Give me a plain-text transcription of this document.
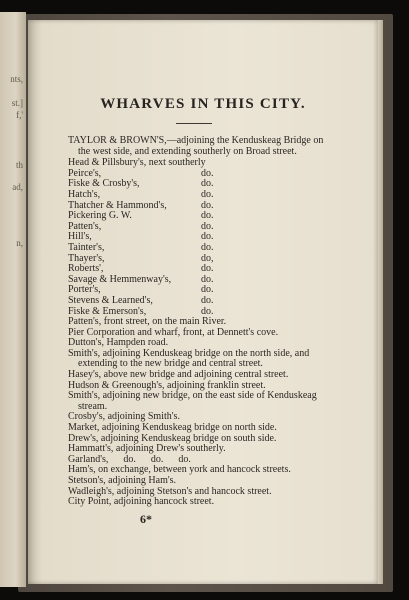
nts,
st.]
f,'
th
ad,
n,
WHARVES IN THIS CITY.
TAYLOR & BROWN'S,—adjoining the Kenduskeag Bridge on the west side, and extending southerly on Broad street.
Head & Pillsbury's, next southerly
Peirce's,	do.
Fiske & Crosby's,	do.
Hatch's,	do.
Thatcher & Hammond's,	do.
Pickering G. W.	do.
Patten's,	do.
Hill's,	do.
Tainter's,	do.
Thayer's,	do,
Roberts',	do.
Savage & Hemmenway's,	do.
Porter's,	do.
Stevens & Learned's,	do.
Fiske & Emerson's,	do.
Patten's, front street, on the main River.
Pier Corporation and wharf, front, at Dennett's cove.
Dutton's, Hampden road.
Smith's, adjoining Kenduskeag bridge on the north side, and extending to the new bridge and central street.
Hasey's, above new bridge and adjoining central street.
Hudson & Greenough's, adjoining franklin street.
Smith's, adjoining new bridge, on the east side of Kenduskeag stream.
Crosby's, adjoining Smith's.
Market, adjoining Kenduskeag bridge on north side.
Drew's, adjoining Kenduskeag bridge on south side.
Hammatt's, adjoining Drew's southerly.
Garland's,      do.      do.      do.
Ham's, on exchange, between york and hancock streets.
Stetson's, adjoining Ham's.
Wadleigh's, adjoining Stetson's and hancock street.
City Point, adjoining hancock street.
6*
